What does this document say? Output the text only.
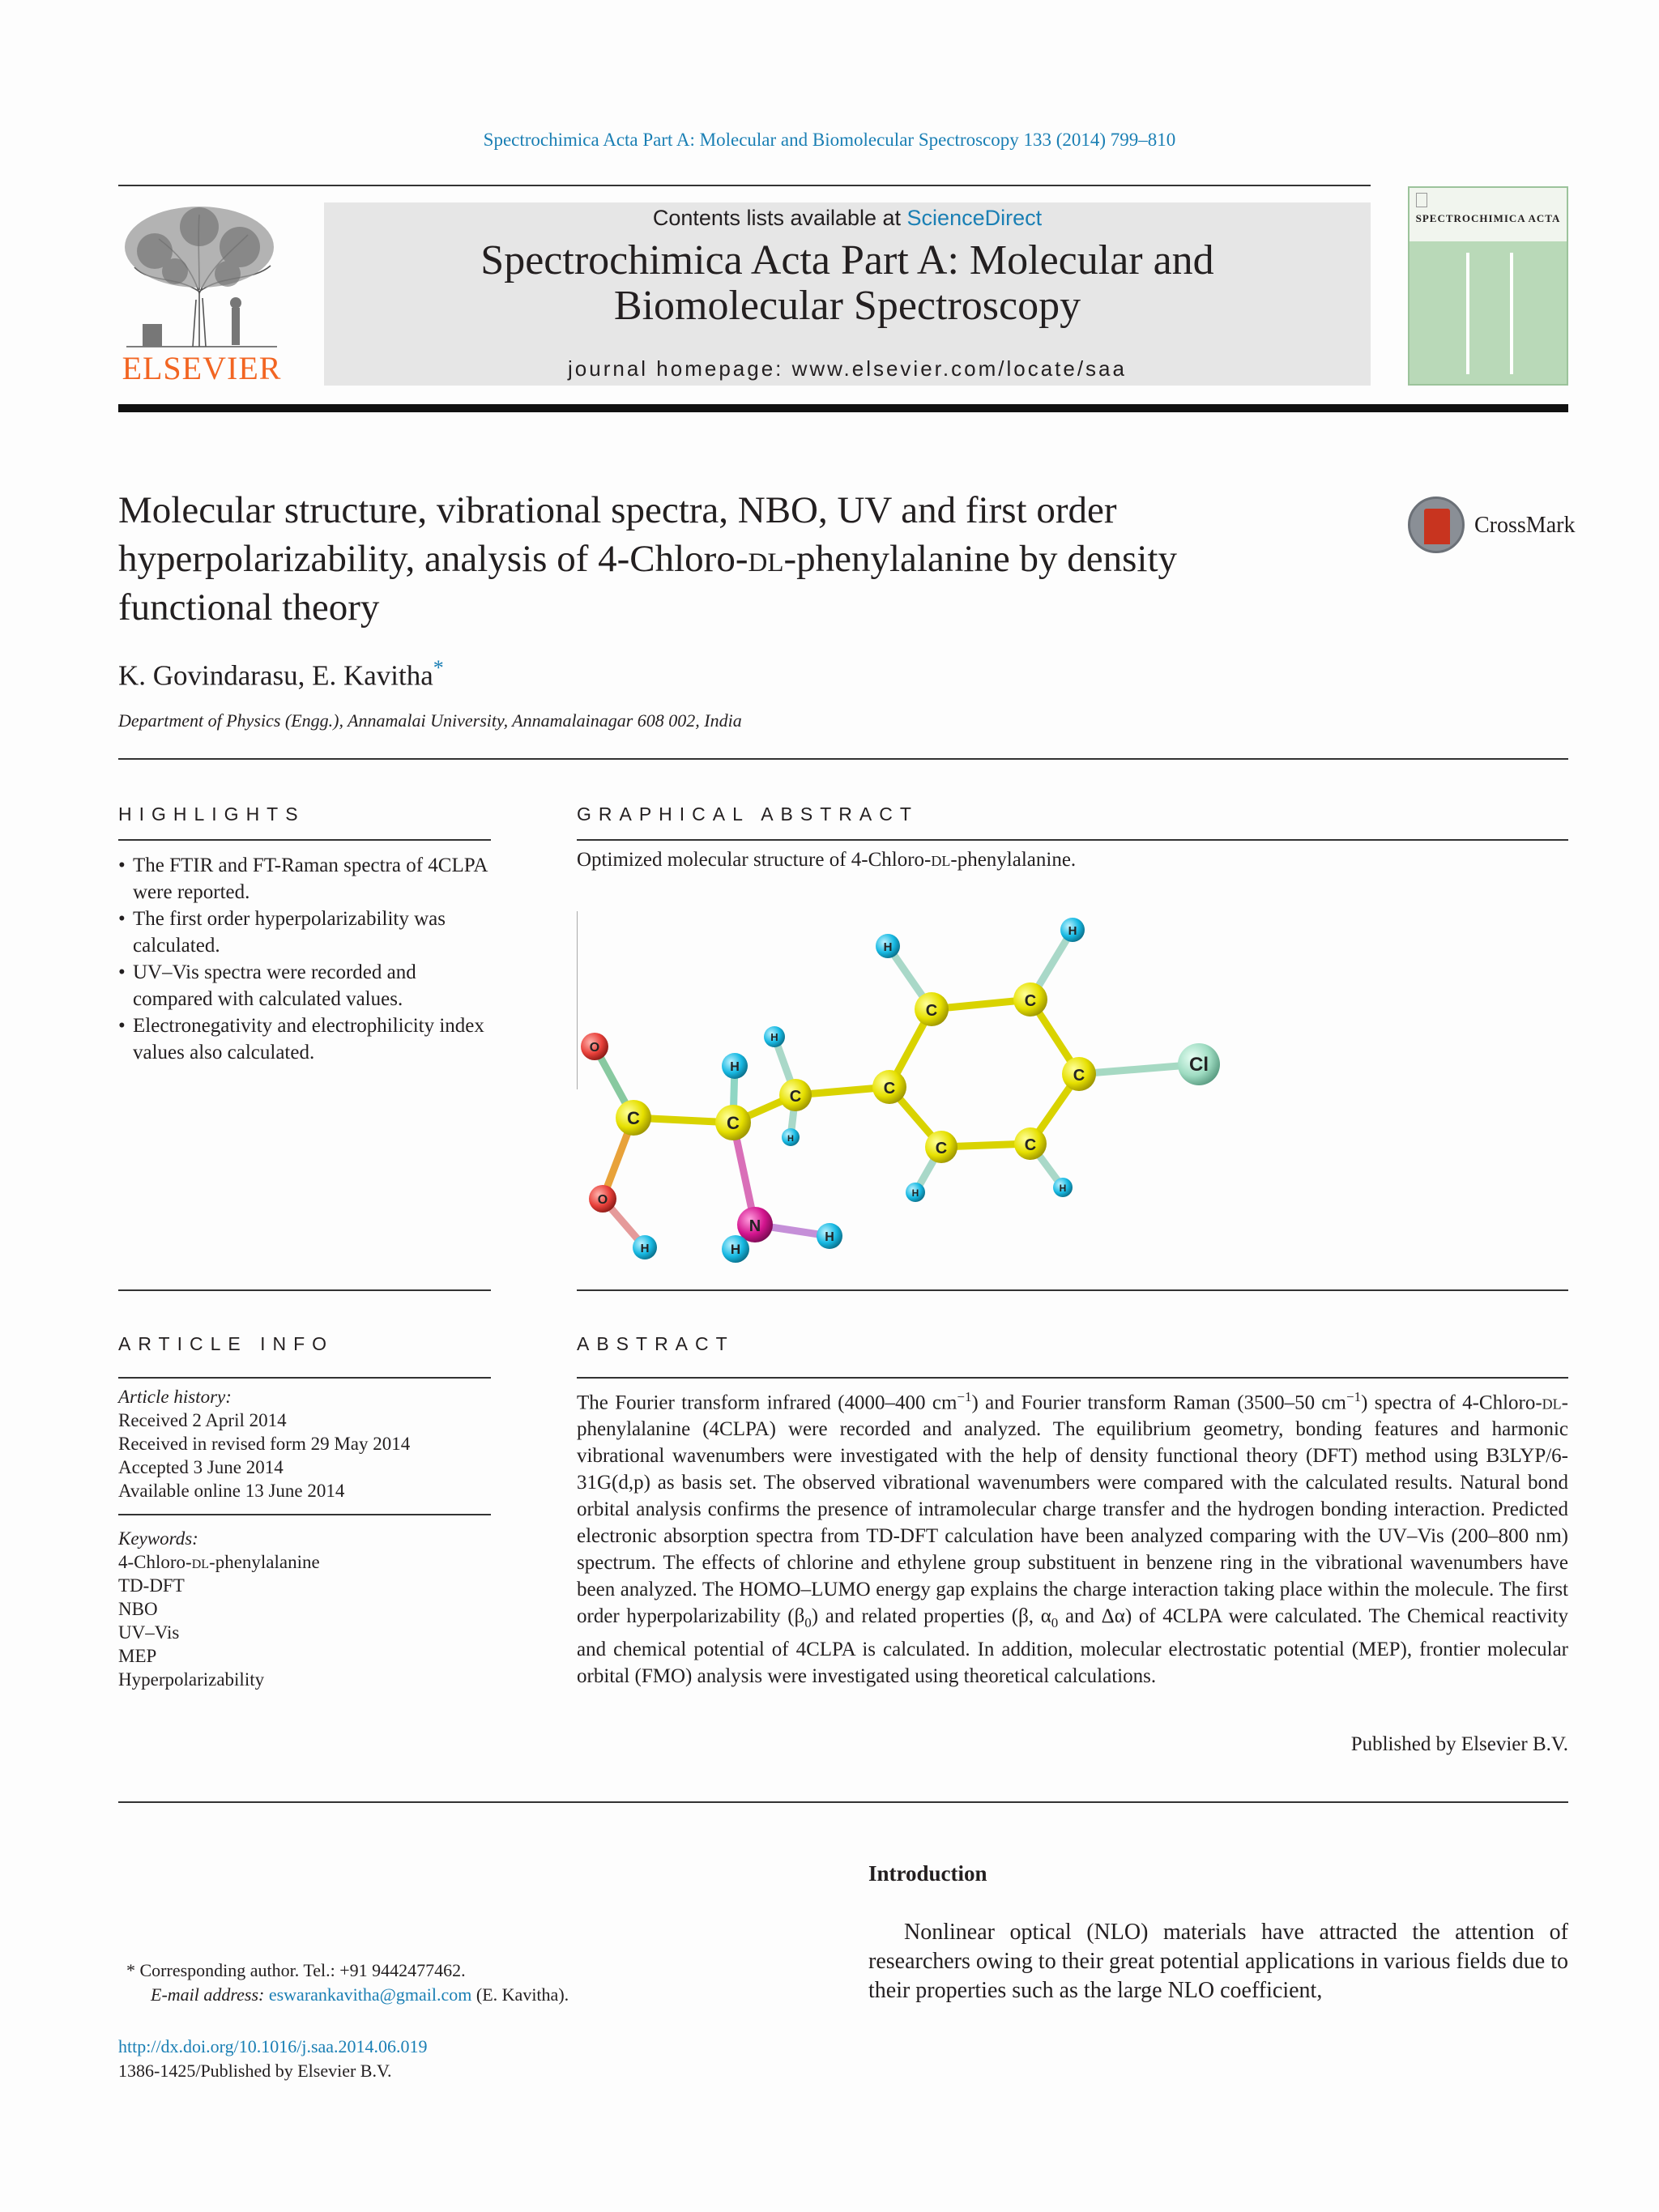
Spectrochimica Acta Part A: Molecular and Biomolecular Spectroscopy 133 (2014) 799–810
ELSEVIER
Contents lists available at ScienceDirect
Spectrochimica Acta Part A: Molecular and
Biomolecular Spectroscopy
journal homepage: www.elsevier.com/locate/saa
SPECTROCHIMICA ACTA
Molecular structure, vibrational spectra, NBO, UV and first order
hyperpolarizability, analysis of 4-Chloro-dl-phenylalanine by density
functional theory
CrossMark
K. Govindarasu, E. Kavitha*
Department of Physics (Engg.), Annamalai University, Annamalainagar 608 002, India
HIGHLIGHTS
• The FTIR and FT-Raman spectra of 4CLPA were reported.
• The first order hyperpolarizability was calculated.
• UV–Vis spectra were recorded and compared with calculated values.
• Electronegativity and electrophilicity index values also calculated.
GRAPHICAL ABSTRACT
Optimized molecular structure of 4-Chloro-dl-phenylalanine.
O
O
H
C
H
C
N
H
H
H
H
C	C
H
C
H
C
C	Cl
C	C
H	H
ARTICLE INFO
Article history:
Received 2 April 2014
Received in revised form 29 May 2014
Accepted 3 June 2014
Available online 13 June 2014
Keywords:
4-Chloro-dl-phenylalanine
TD-DFT
NBO
UV–Vis
MEP
Hyperpolarizability
ABSTRACT
The Fourier transform infrared (4000–400 $cm^{-1}$) and Fourier transform Raman (3500–50 $cm^{-1}$) spectra of 4-Chloro-dl-phenylalanine (4CLPA) were recorded and analyzed. The equilibrium geometry, bonding features and harmonic vibrational wavenumbers were investigated with the help of density functional theory (DFT) method using B3LYP/6-31G(d,p) as basis set. The observed vibrational wavenumbers were compared with the calculated results. Natural bond orbital analysis confirms the presence of intramolecular charge transfer and the hydrogen bonding interaction. Predicted electronic absorption spectra from TD-DFT calculation have been analyzed comparing with the UV–Vis (200–800 nm) spectrum. The effects of chlorine and ethylene group substituent in benzene ring in the vibrational wavenumbers have been analyzed. The HOMO–LUMO energy gap explains the charge interaction taking place within the molecule. The first order hyperpolarizability $(\beta_0)$ and related properties (β, $\alpha_0$ and Δα) of 4CLPA were calculated. The Chemical reactivity and chemical potential of 4CLPA is calculated. In addition, molecular electrostatic potential (MEP), frontier molecular orbital (FMO) analysis were investigated using theoretical calculations.
Published by Elsevier B.V.
Introduction
Nonlinear optical (NLO) materials have attracted the attention of researchers owing to their great potential applications in various fields due to their properties such as the large NLO coefficient,
* Corresponding author. Tel.: +91 9442477462.
E-mail address: eswarankavitha@gmail.com (E. Kavitha).
http://dx.doi.org/10.1016/j.saa.2014.06.019
1386-1425/Published by Elsevier B.V.
